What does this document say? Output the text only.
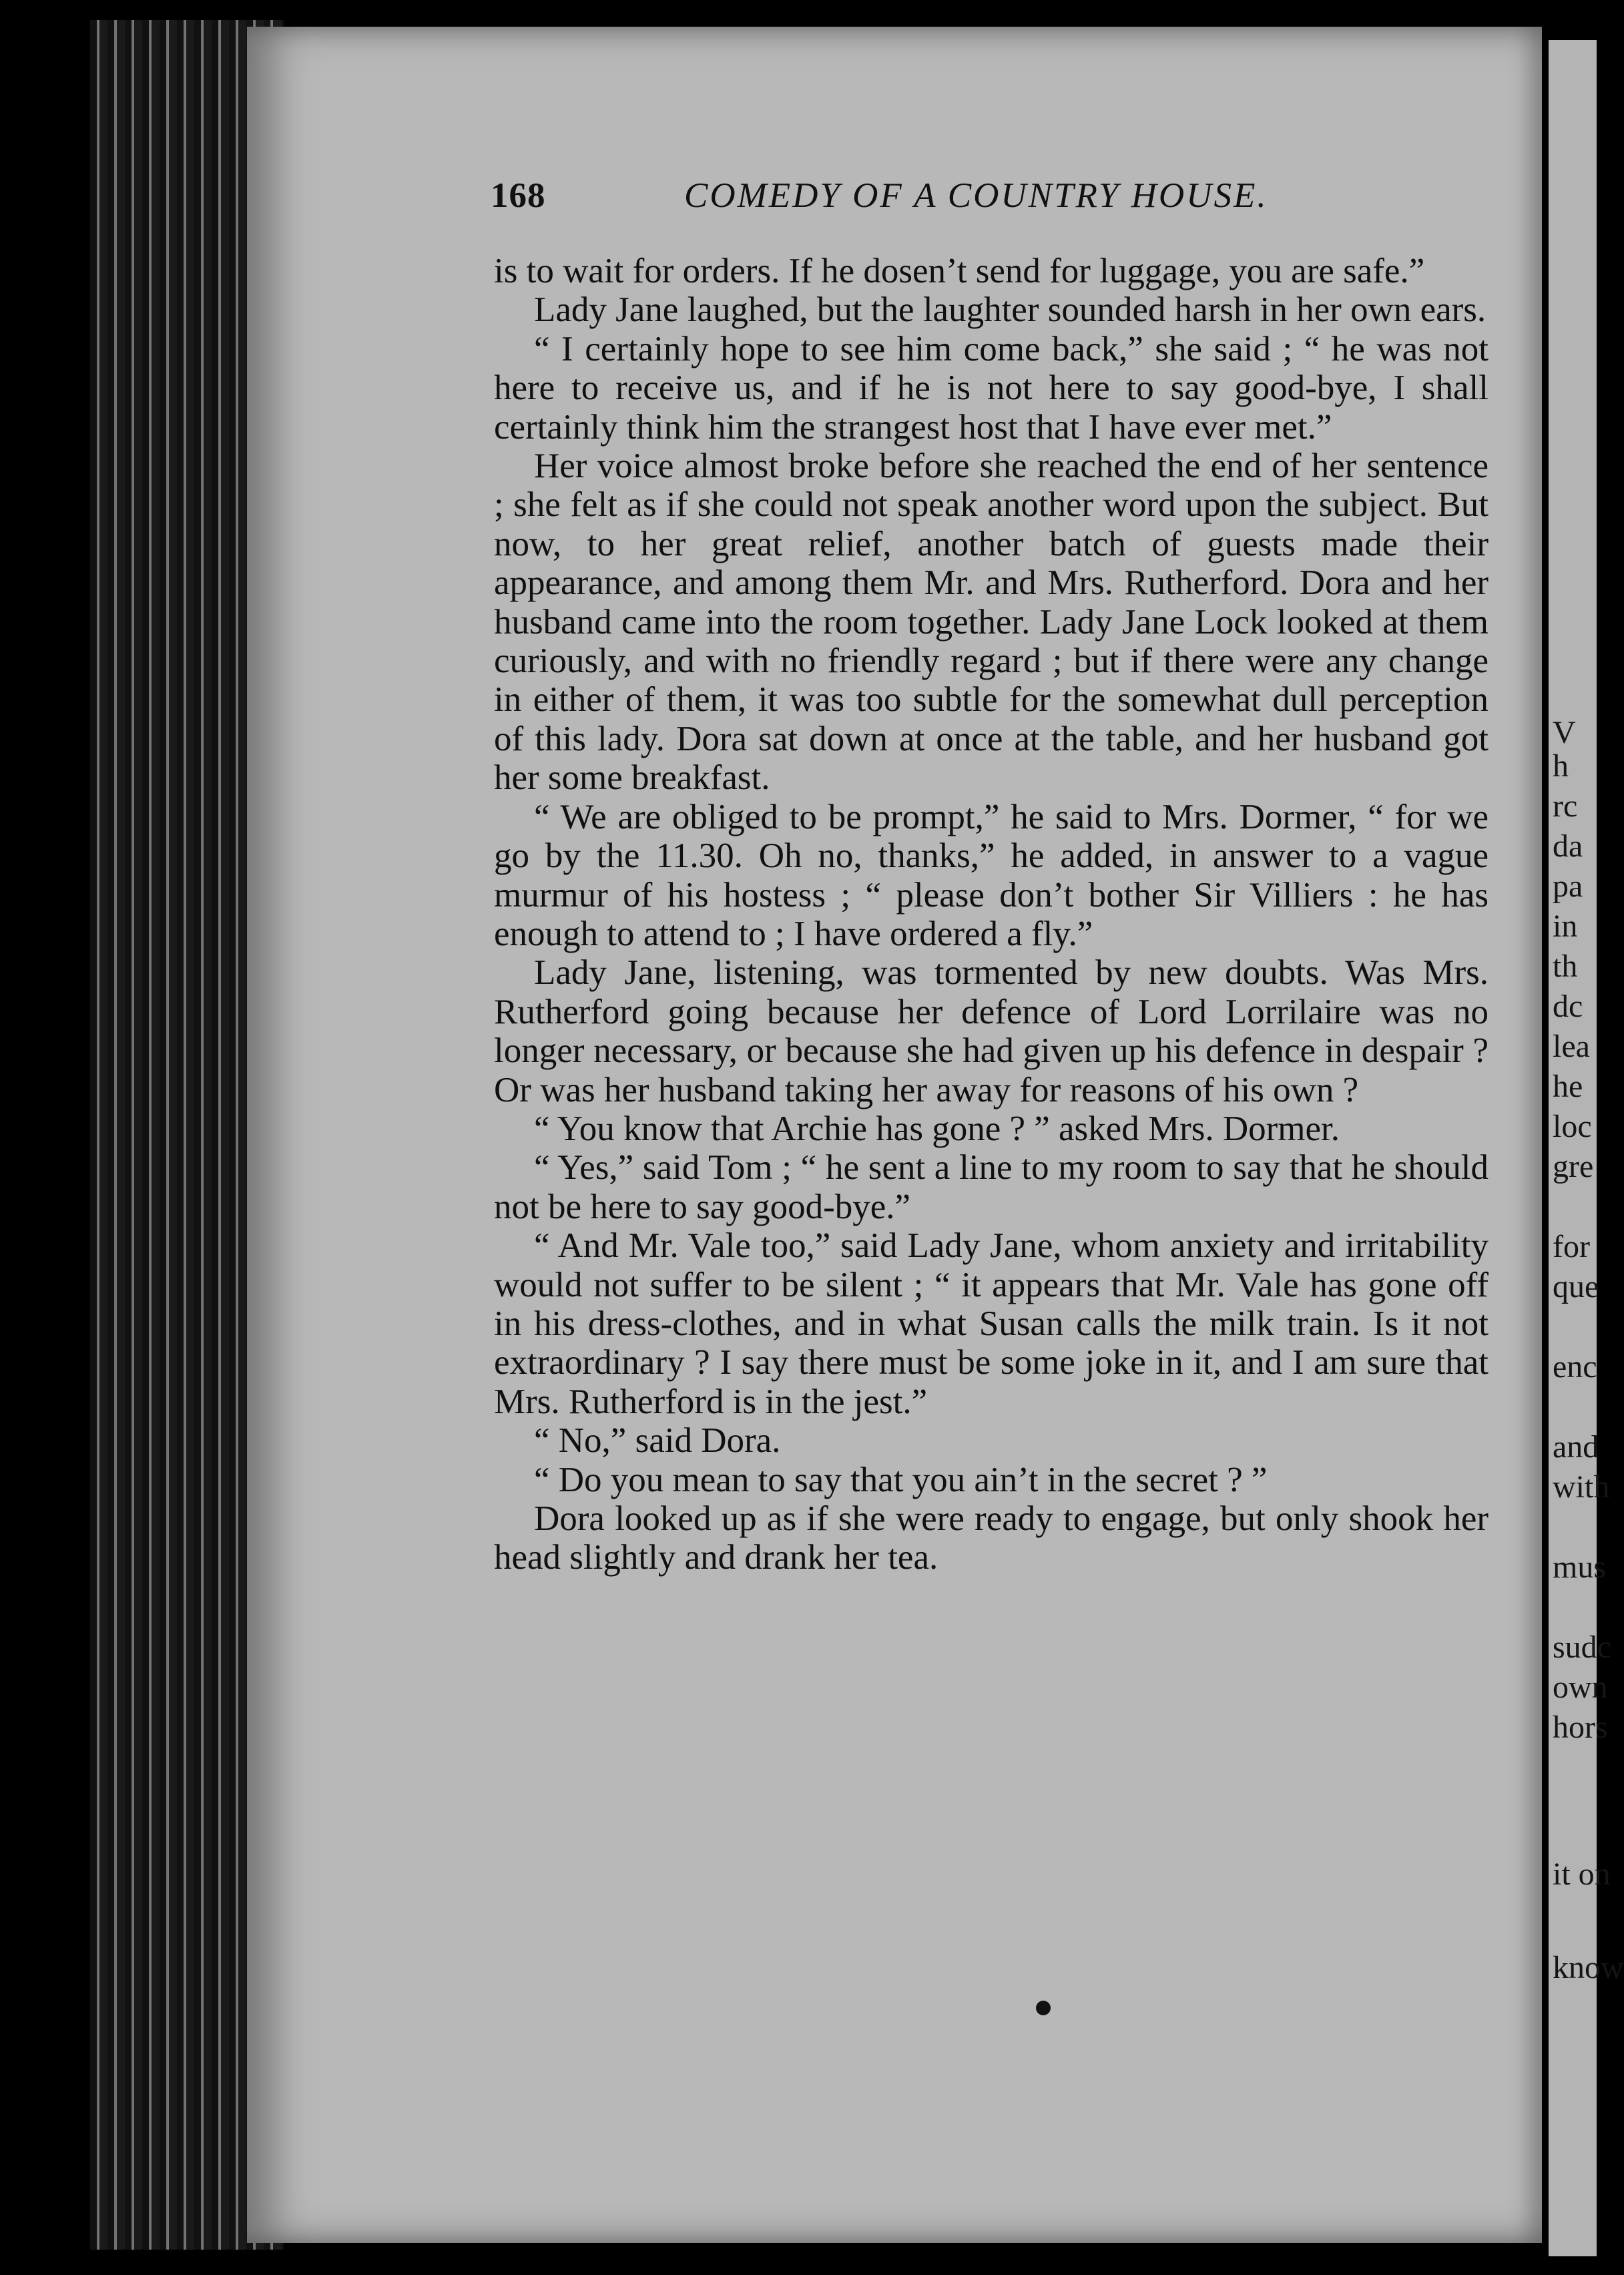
168	COMEDY OF A COUNTRY HOUSE.

is to wait for orders. If he dosen’t send for luggage, you are safe.”

Lady Jane laughed, but the laughter sounded harsh in her own ears.

“ I certainly hope to see him come back,” she said ; “ he was not here to receive us, and if he is not here to say good-bye, I shall certainly think him the strangest host that I have ever met.”

Her voice almost broke before she reached the end of her sentence ; she felt as if she could not speak another word upon the subject. But now, to her great relief, another batch of guests made their appearance, and among them Mr. and Mrs. Rutherford. Dora and her husband came into the room together. Lady Jane Lock looked at them curiously, and with no friendly regard ; but if there were any change in either of them, it was too subtle for the somewhat dull perception of this lady. Dora sat down at once at the table, and her husband got her some breakfast.

“ We are obliged to be prompt,” he said to Mrs. Dormer, “ for we go by the 11.30. Oh no, thanks,” he added, in answer to a vague murmur of his hostess ; “ please don’t bother Sir Villiers : he has enough to attend to ; I have ordered a fly.”

Lady Jane, listening, was tormented by new doubts. Was Mrs. Rutherford going because her defence of Lord Lorrilaire was no longer necessary, or because she had given up his defence in despair ? Or was her husband taking her away for reasons of his own ?

“ You know that Archie has gone ? ” asked Mrs. Dormer.

“ Yes,” said Tom ; “ he sent a line to my room to say that he should not be here to say good-bye.”

“ And Mr. Vale too,” said Lady Jane, whom anxiety and irritability would not suffer to be silent ; “ it appears that Mr. Vale has gone off in his dress-clothes, and in what Susan calls the milk train. Is it not extraordinary ? I say there must be some joke in it, and I am sure that Mrs. Rutherford is in the jest.”

“ No,” said Dora.

“ Do you mean to say that you ain’t in the secret ? ”

Dora looked up as if she were ready to engage, but only shook her head slightly and drank her tea.

V
h
rc
da
pa
in
th
dc
lea
he
loc
gre
for
que
enc
and
with
mus
sudc
own
hors
it on
know
